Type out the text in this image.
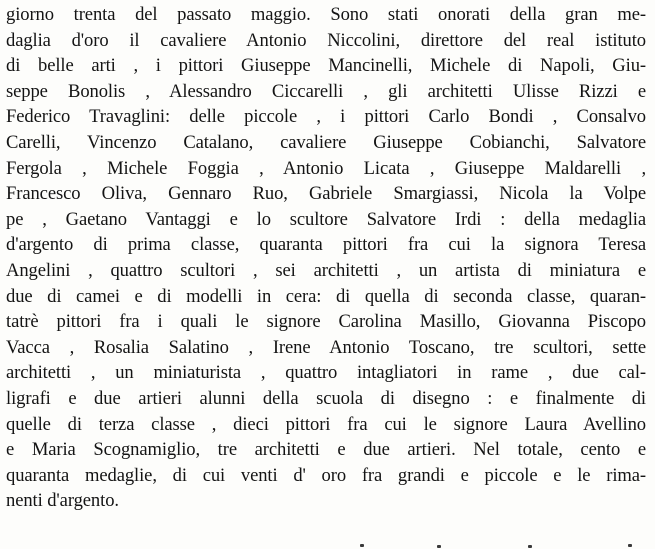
giorno trenta del passato maggio. Sono stati onorati della gran me-
daglia d'oro il cavaliere Antonio Niccolini, direttore del real istituto
di belle arti , i pittori Giuseppe Mancinelli, Michele di Napoli, Giu-
seppe Bonolis , Alessandro Ciccarelli , gli architetti Ulisse Rizzi e
Federico Travaglini: delle piccole , i pittori Carlo Bondi , Consalvo
Carelli, Vincenzo Catalano, cavaliere Giuseppe Cobianchi, Salvatore
Fergola , Michele Foggia , Antonio Licata , Giuseppe Maldarelli ,
Francesco Oliva, Gennaro Ruo, Gabriele Smargiassi, Nicola la Volpe
pe , Gaetano Vantaggi e lo scultore Salvatore Irdi : della medaglia
d'argento di prima classe, quaranta pittori fra cui la signora Teresa
Angelini , quattro scultori , sei architetti , un artista di miniatura e
due di camei e di modelli in cera: di quella di seconda classe, quaran-
tatrè pittori fra i quali le signore Carolina Masillo, Giovanna Piscopo
Vacca , Rosalia Salatino , Irene Antonio Toscano, tre scultori, sette
architetti , un miniaturista , quattro intagliatori in rame , due cal-
ligrafi e due artieri alunni della scuola di disegno : e finalmente di
quelle di terza classe , dieci pittori fra cui le signore Laura Avellino
e Maria Scognamiglio, tre architetti e due artieri. Nel totale, cento e
quaranta medaglie, di cui venti d' oro fra grandi e piccole e le rima-
nenti d'argento.
